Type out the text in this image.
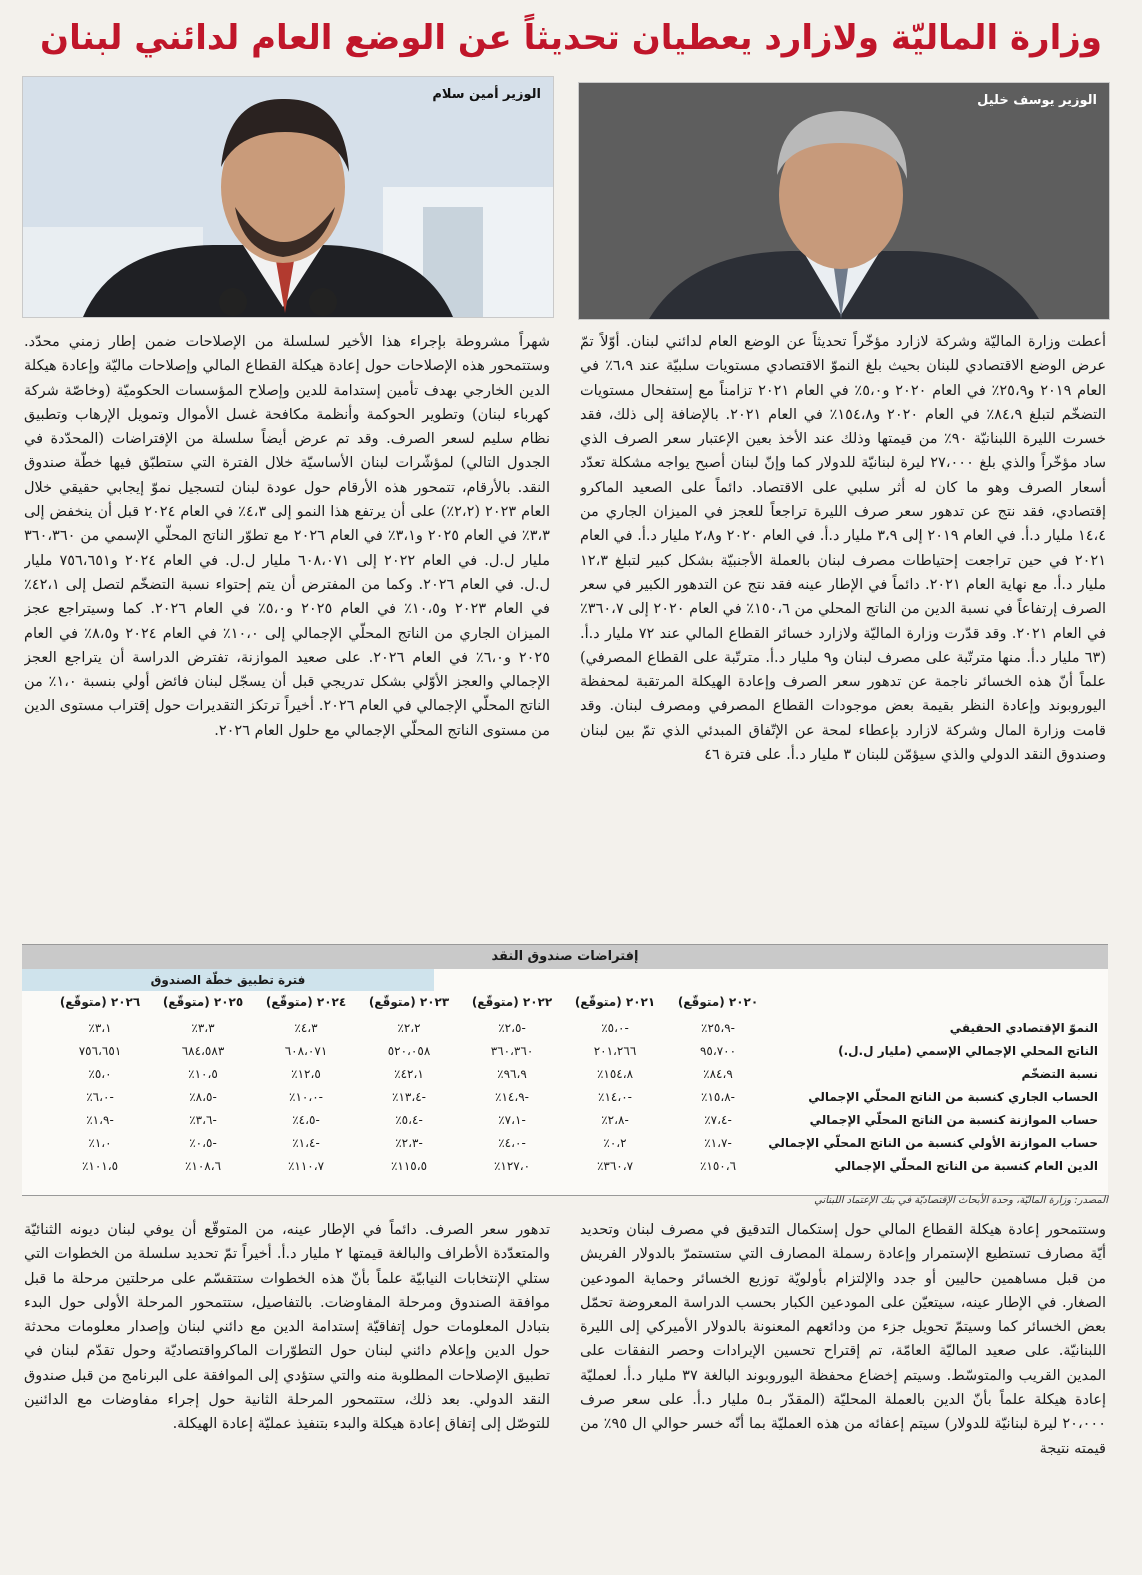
وزارة الماليّة ولازارد يعطيان تحديثاً عن الوضع العام لدائني لبنان
الوزير أمين سلام	الوزير يوسف خليل

أعطت وزارة الماليّة وشركة لازارد مؤخّراً تحديثاً عن الوضع العام لدائني لبنان. أوّلاً تمّ عرض الوضع الاقتصادي للبنان بحيث بلغ النموّ الاقتصادي مستويات سلبيّة عند ٦،٩٪ في العام ٢٠١٩ و٢٥،٩٪ في العام ٢٠٢٠ و٥،٠٪ في العام ٢٠٢١ تزامناً مع إستفحال مستويات التضخّم لتبلغ ٨٤،٩٪ في العام ٢٠٢٠ و١٥٤،٨٪ في العام ٢٠٢١. بالإضافة إلى ذلك، فقد خسرت الليرة اللبنانيّة ٩٠٪ من قيمتها وذلك عند الأخذ بعين الإعتبار سعر الصرف الذي ساد مؤخّراً والذي بلغ ٢٧،٠٠٠ ليرة لبنانيّة للدولار كما وإنّ لبنان أصبح يواجه مشكلة تعدّد أسعار الصرف وهو ما كان له أثر سلبي على الاقتصاد. دائماً على الصعيد الماكرو إقتصادي، فقد نتج عن تدهور سعر صرف الليرة تراجعاً للعجز في الميزان الجاري من ١٤،٤ مليار د.أ. في العام ٢٠١٩ إلى ٣،٩ مليار د.أ. في العام ٢٠٢٠ و٢،٨ مليار د.أ. في العام ٢٠٢١ في حين تراجعت إحتياطات مصرف لبنان بالعملة الأجنبيّة بشكل كبير لتبلغ ١٢،٣ مليار د.أ. مع نهاية العام ٢٠٢١. دائماً في الإطار عينه فقد نتج عن التدهور الكبير في سعر الصرف إرتفاعاً في نسبة الدين من الناتج المحلي من ١٥٠،٦٪ في العام ٢٠٢٠ إلى ٣٦٠،٧٪ في العام ٢٠٢١. وقد قدّرت وزارة الماليّة ولازارد خسائر القطاع المالي عند ٧٢ مليار د.أ. (٦٣ مليار د.أ. منها مترتّبة على مصرف لبنان و٩ مليار د.أ. مترتّبة على القطاع المصرفي) علماً أنّ هذه الخسائر ناجمة عن تدهور سعر الصرف وإعادة الهيكلة المرتقبة لمحفظة اليوروبوند وإعادة النظر بقيمة بعض موجودات القطاع المصرفي ومصرف لبنان. وقد قامت وزارة المال وشركة لازارد بإعطاء لمحة عن الإتّفاق المبدئي الذي تمّ بين لبنان وصندوق النقد الدولي والذي سيؤمّن للبنان ٣ مليار د.أ. على فترة ٤٦

شهراً مشروطة بإجراء هذا الأخير لسلسلة من الإصلاحات ضمن إطار زمني محدّد. وستتمحور هذه الإصلاحات حول إعادة هيكلة القطاع المالي وإصلاحات ماليّة وإعادة هيكلة الدين الخارجي بهدف تأمين إستدامة للدين وإصلاح المؤسسات الحكوميّة (وخاصّة شركة كهرباء لبنان) وتطوير الحوكمة وأنظمة مكافحة غسل الأموال وتمويل الإرهاب وتطبيق نظام سليم لسعر الصرف. وقد تم عرض أيضاً سلسلة من الإفتراضات (المحدّدة في الجدول التالي) لمؤشّرات لبنان الأساسيّة خلال الفترة التي ستطبّق فيها خطّة صندوق النقد. بالأرقام، تتمحور هذه الأرقام حول عودة لبنان لتسجيل نموّ إيجابي حقيقي خلال العام ٢٠٢٣ (٢،٢٪) على أن يرتفع هذا النمو إلى ٤،٣٪ في العام ٢٠٢٤ قبل أن ينخفض إلى ٣،٣٪ في العام ٢٠٢٥ و٣،١٪ في العام ٢٠٢٦ مع تطوّر الناتج المحلّي الإسمي من ٣٦٠،٣٦٠ مليار ل.ل. في العام ٢٠٢٢ إلى ٦٠٨،٠٧١ مليار ل.ل. في العام ٢٠٢٤ و٧٥٦،٦٥١ مليار ل.ل. في العام ٢٠٢٦. وكما من المفترض أن يتم إحتواء نسبة التضخّم لتصل إلى ٤٢،١٪ في العام ٢٠٢٣ و١٠،٥٪ في العام ٢٠٢٥ و٥،٠٪ في العام ٢٠٢٦. كما وسيتراجع عجز الميزان الجاري من الناتج المحلّي الإجمالي إلى ١٠،٠٪ في العام ٢٠٢٤ و٨،٥٪ في العام ٢٠٢٥ و٦،٠٪ في العام ٢٠٢٦. على صعيد الموازنة، تفترض الدراسة أن يتراجع العجز الإجمالي والعجز الأوّلي بشكل تدريجي قبل أن يسجّل لبنان فائض أولي بنسبة ١،٠٪ من الناتج المحلّي الإجمالي في العام ٢٠٢٦. أخيراً ترتكز التقديرات حول إقتراب مستوى الدين من مستوى الناتج المحلّي الإجمالي مع حلول العام ٢٠٢٦.

إفتراضات صندوق النقد
فترة تطبيق خطّة الصندوق
٢٠٢٠ (متوقّع)
٢٠٢١ (متوقّع)
٢٠٢٢ (متوقّع)
٢٠٢٣ (متوقّع)
٢٠٢٤ (متوقّع)
٢٠٢٥ (متوقّع)
٢٠٢٦ (متوقّع)
النموّ الإقتصادي الحقيقي
-٢٥،٩٪
-٥،٠٪
-٢،٥٪
٢،٢٪
٤،٣٪
٣،٣٪
٣،١٪
الناتج المحلي الإجمالي الإسمي (مليار ل.ل.)
٩٥،٧٠٠
٢٠١،٢٦٦
٣٦٠،٣٦٠
٥٢٠،٠٥٨
٦٠٨،٠٧١
٦٨٤،٥٨٣
٧٥٦،٦٥١
نسبة التضخّم
٨٤،٩٪
١٥٤،٨٪
٩٦،٩٪
٤٢،١٪
١٢،٥٪
١٠،٥٪
٥،٠٪
الحساب الجاري كنسبة من الناتج المحلّي الإجمالي
-١٥،٨٪
-١٤،٠٪
-١٤،٩٪
-١٣،٤٪
-١٠،٠٪
-٨،٥٪
-٦،٠٪
حساب الموازنة كنسبة من الناتج المحلّي الإجمالي
-٧،٤٪
-٢،٨٪
-٧،١٪
-٥،٤٪
-٤،٥٪
-٣،٦٪
-١،٩٪
حساب الموازنة الأولي كنسبة من الناتج المحلّي الإجمالي
-١،٧٪
٠،٢٪
-٤،٠٪
-٢،٣٪
-١،٤٪
-٠،٥٪
١،٠٪
الدين العام كنسبة من الناتج المحلّي الإجمالي
١٥٠،٦٪
٣٦٠،٧٪
١٢٧،٠٪
١١٥،٥٪
١١٠،٧٪
١٠٨،٦٪
١٠١،٥٪
المصدر: وزارة الماليّة، وحدة الأبحاث الإقتصاديّة في بنك الإعتماد اللبناني

وستتمحور إعادة هيكلة القطاع المالي حول إستكمال التدقيق في مصرف لبنان وتحديد أيّة مصارف تستطيع الإستمرار وإعادة رسملة المصارف التي ستستمرّ بالدولار الفريش من قبل مساهمين حاليين أو جدد والإلتزام بأولويّة توزيع الخسائر وحماية المودعين الصغار. في الإطار عينه، سيتعيّن على المودعين الكبار بحسب الدراسة المعروضة تحمّل بعض الخسائر كما وسيتمّ تحويل جزء من ودائعهم المعنونة بالدولار الأميركي إلى الليرة اللبنانيّة. على صعيد الماليّة العامّة، تم إقتراح تحسين الإيرادات وحصر النفقات على المدين القريب والمتوسّط. وسيتم إخضاع محفظة اليوروبوند البالغة ٣٧ مليار د.أ. لعمليّة إعادة هيكلة علماً بأنّ الدين بالعملة المحليّة (المقدّر بـ٥ مليار د.أ. على سعر صرف ٢٠،٠٠٠ ليرة لبنانيّة للدولار) سيتم إعفائه من هذه العمليّة بما أنّه خسر حوالي ال ٩٥٪ من قيمته نتيجة

تدهور سعر الصرف. دائماً في الإطار عينه، من المتوقّع أن يوفي لبنان ديونه الثنائيّة والمتعدّدة الأطراف والبالغة قيمتها ٢ مليار د.أ. أخيراً تمّ تحديد سلسلة من الخطوات التي ستلي الإنتخابات النيابيّة علماً بأنّ هذه الخطوات ستتقسّم على مرحلتين مرحلة ما قبل موافقة الصندوق ومرحلة المفاوضات. بالتفاصيل، ستتمحور المرحلة الأولى حول البدء بتبادل المعلومات حول إتفاقيّة إستدامة الدين مع دائني لبنان وإصدار معلومات محدثة حول الدين وإعلام دائني لبنان حول التطوّرات الماكرواقتصاديّة وحول تقدّم لبنان في تطبيق الإصلاحات المطلوبة منه والتي ستؤدي إلى الموافقة على البرنامج من قبل صندوق النقد الدولي. بعد ذلك، ستتمحور المرحلة الثانية حول إجراء مفاوضات مع الدائنين للتوصّل إلى إتفاق إعادة هيكلة والبدء بتنفيذ عمليّة إعادة الهيكلة.
